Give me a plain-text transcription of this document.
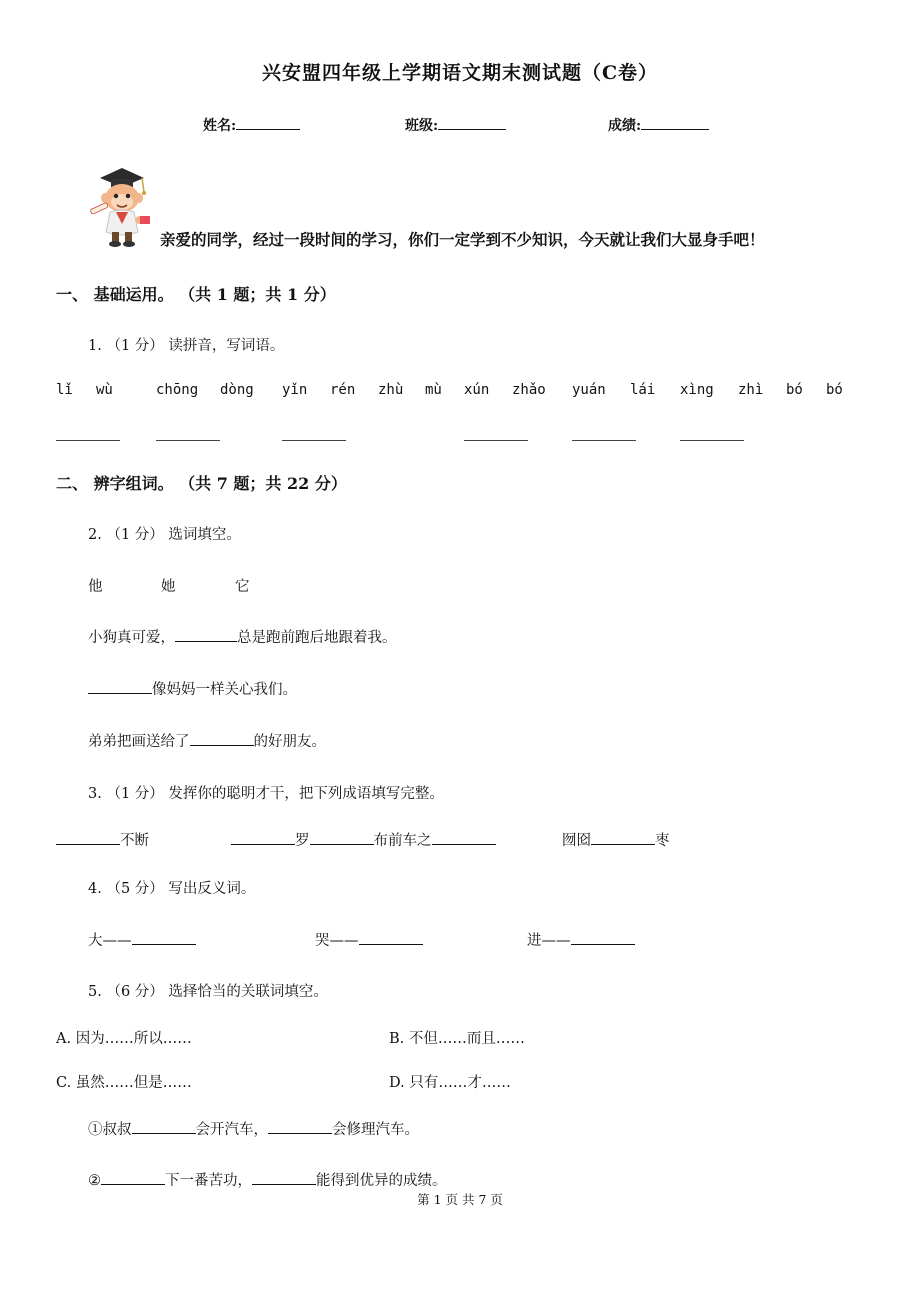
兴安盟四年级上学期语文期末测试题（C卷）
姓名:	班级:	成绩:
亲爱的同学，经过一段时间的学习，你们一定学到不少知识，今天就让我们大显身手吧！
一、 基础运用。 （共 1 题；共 1 分）
1. （1 分） 读拼音，写词语。
lǐ wù	chōng dòng yǐn rén zhù mù xún zhǎo yuán lái xìng zhì bó bó
二、 辨字组词。 （共 7 题；共 22 分）
2. （1 分） 选词填空。
他	她	它
小狗真可爱，	总是跑前跑后地跟着我。
像妈妈一样关心我们。
弟弟把画送给了	的好朋友。
3. （1 分） 发挥你的聪明才干，把下列成语填写完整。
不断	罗	布前车之	囫囵	枣
4. （5 分） 写出反义词。
大——	哭——	进——
5. （6 分） 选择恰当的关联词填空。
A. 因为……所以……	B. 不但……而且……
C. 虽然……但是……	D. 只有……才……
①叔叔	会开汽车，	会修理汽车。
②	下一番苦功，	能得到优异的成绩。
第 1 页 共 7 页
